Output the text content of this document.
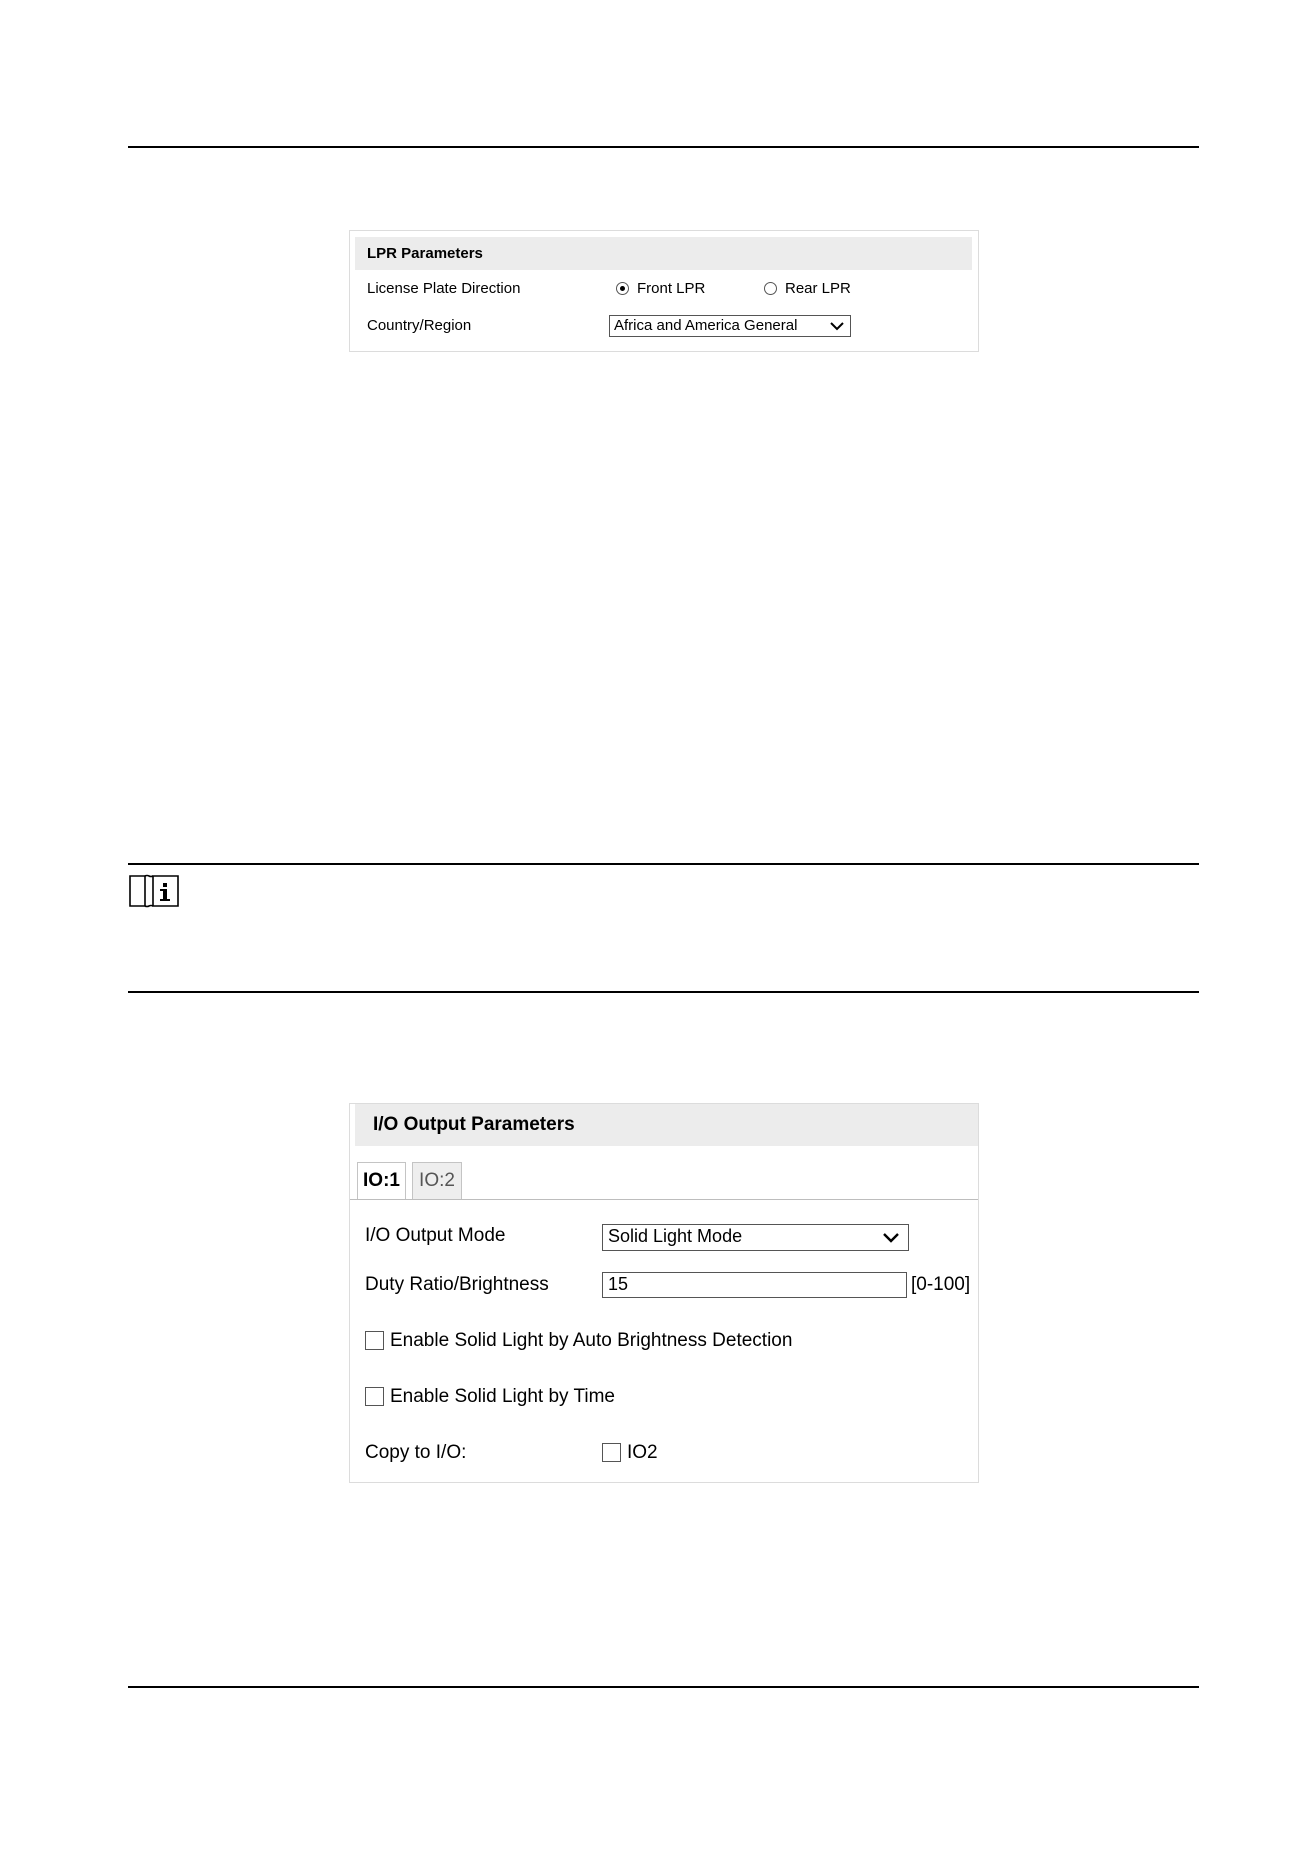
LPR Parameters
License Plate Direction	Front LPR	Rear LPR
Country/Region	Africa and America General
I/O Output Parameters
IO:1	IO:2
I/O Output Mode	Solid Light Mode
Duty Ratio/Brightness	15	[0-100]
Enable Solid Light by Auto Brightness Detection
Enable Solid Light by Time
Copy to I/O:	IO2
